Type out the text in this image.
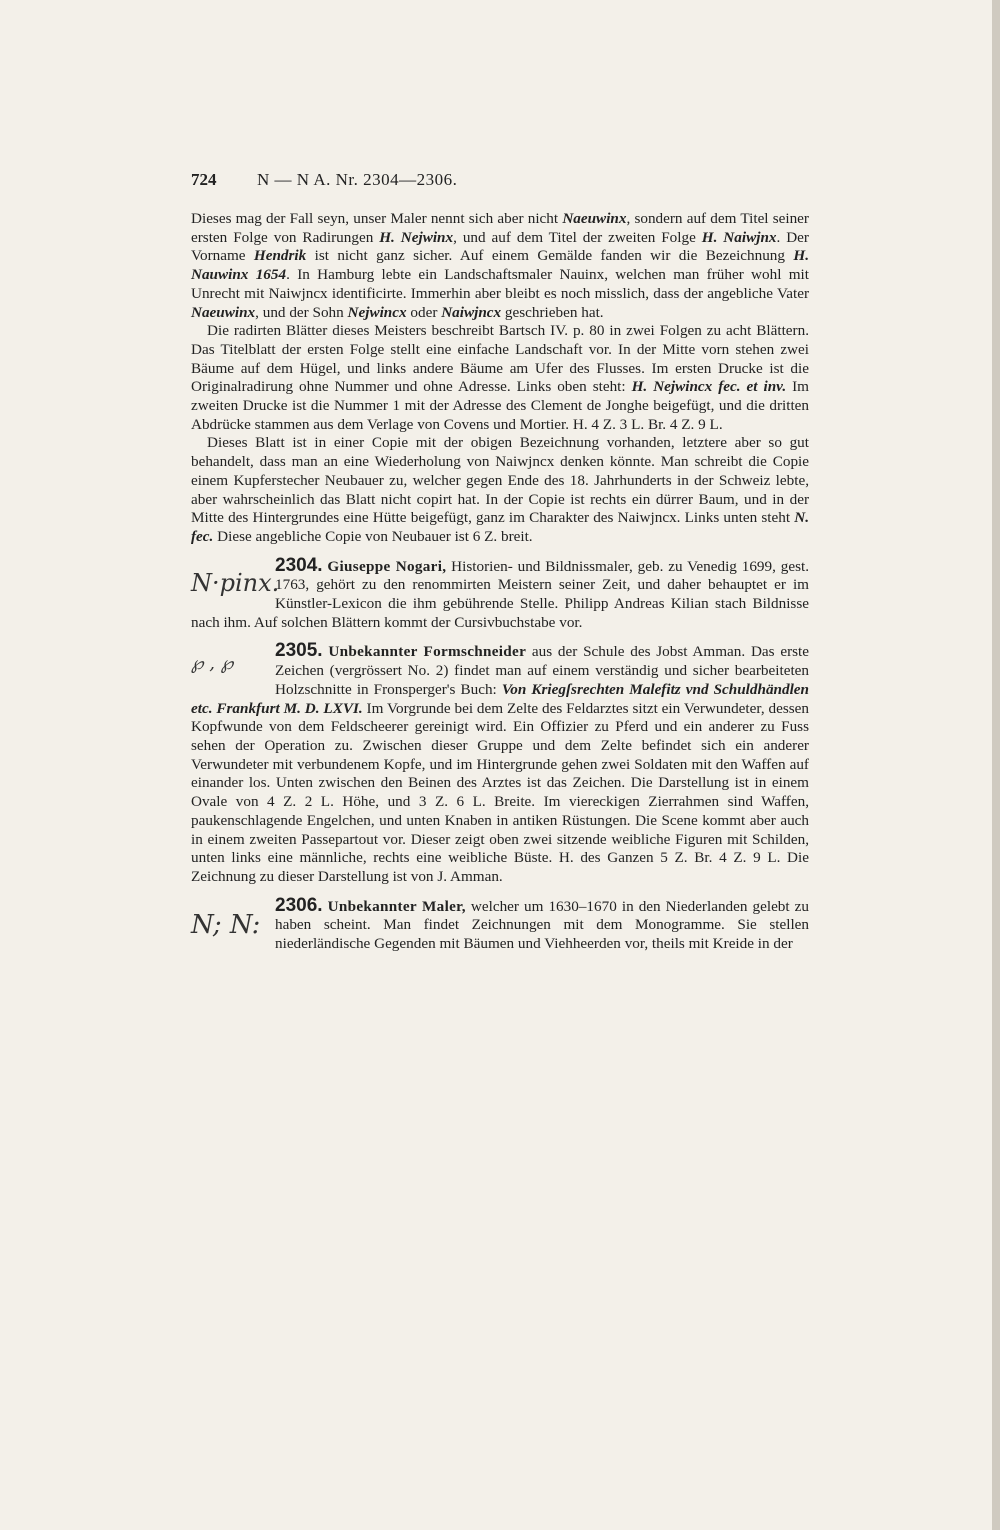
724	N — N A. Nr. 2304—2306.

Dieses mag der Fall seyn, unser Maler nennt sich aber nicht Naeuwinx, sondern auf dem Titel seiner ersten Folge von Radirungen H. Nejwinx, und auf dem Titel der zweiten Folge H. Naiwjnx. Der Vorname Hendrik ist nicht ganz sicher. Auf einem Gemälde fanden wir die Bezeichnung H. Nauwinx 1654. In Hamburg lebte ein Landschaftsmaler Nauinx, welchen man früher wohl mit Unrecht mit Naiwjncx identificirte. Immerhin aber bleibt es noch misslich, dass der angebliche Vater Naeuwinx, und der Sohn Nejwincx oder Naiwjncx geschrieben hat.

Die radirten Blätter dieses Meisters beschreibt Bartsch IV. p. 80 in zwei Folgen zu acht Blättern. Das Titelblatt der ersten Folge stellt eine einfache Landschaft vor. In der Mitte vorn stehen zwei Bäume auf dem Hügel, und links andere Bäume am Ufer des Flusses. Im ersten Drucke ist die Originalradirung ohne Nummer und ohne Adresse. Links oben steht: H. Nejwincx fec. et inv. Im zweiten Drucke ist die Nummer 1 mit der Adresse des Clement de Jonghe beigefügt, und die dritten Abdrücke stammen aus dem Verlage von Covens und Mortier. H. 4 Z. 3 L. Br. 4 Z. 9 L.

Dieses Blatt ist in einer Copie mit der obigen Bezeichnung vorhanden, letztere aber so gut behandelt, dass man an eine Wiederholung von Naiwjncx denken könnte. Man schreibt die Copie einem Kupferstecher Neubauer zu, welcher gegen Ende des 18. Jahrhunderts in der Schweiz lebte, aber wahrscheinlich das Blatt nicht copirt hat. In der Copie ist rechts ein dürrer Baum, und in der Mitte des Hintergrundes eine Hütte beigefügt, ganz im Charakter des Naiwjncx. Links unten steht N. fec. Diese angebliche Copie von Neubauer ist 6 Z. breit.

N·pinx.
2304. Giuseppe Nogari, Historien- und Bildnissmaler, geb. zu Venedig 1699, gest. 1763, gehört zu den renommirten Meistern seiner Zeit, und daher behauptet er im Künstler-Lexicon die ihm gebührende Stelle. Philipp Andreas Kilian stach Bildnisse nach ihm. Auf solchen Blättern kommt der Cursivbuchstabe vor.

℘ , ℘
2305. Unbekannter Formschneider aus der Schule des Jobst Amman. Das erste Zeichen (vergrössert No. 2) findet man auf einem verständig und sicher bearbeiteten Holzschnitte in Fronsperger's Buch: Von Kriegſsrechten Malefitz vnd Schuldhändlen etc. Frankfurt M. D. LXVI. Im Vorgrunde bei dem Zelte des Feldarztes sitzt ein Verwundeter, dessen Kopfwunde von dem Feldscheerer gereinigt wird. Ein Offizier zu Pferd und ein anderer zu Fuss sehen der Operation zu. Zwischen dieser Gruppe und dem Zelte befindet sich ein anderer Verwundeter mit verbundenem Kopfe, und im Hintergrunde gehen zwei Soldaten mit den Waffen auf einander los. Unten zwischen den Beinen des Arztes ist das Zeichen. Die Darstellung ist in einem Ovale von 4 Z. 2 L. Höhe, und 3 Z. 6 L. Breite. Im viereckigen Zierrahmen sind Waffen, paukenschlagende Engelchen, und unten Knaben in antiken Rüstungen. Die Scene kommt aber auch in einem zweiten Passepartout vor. Dieser zeigt oben zwei sitzende weibliche Figuren mit Schilden, unten links eine männliche, rechts eine weibliche Büste. H. des Ganzen 5 Z. Br. 4 Z. 9 L. Die Zeichnung zu dieser Darstellung ist von J. Amman.

N; N:
2306. Unbekannter Maler, welcher um 1630–1670 in den Niederlanden gelebt zu haben scheint. Man findet Zeichnungen mit dem Monogramme. Sie stellen niederländische Gegenden mit Bäumen und Viehheerden vor, theils mit Kreide in der
